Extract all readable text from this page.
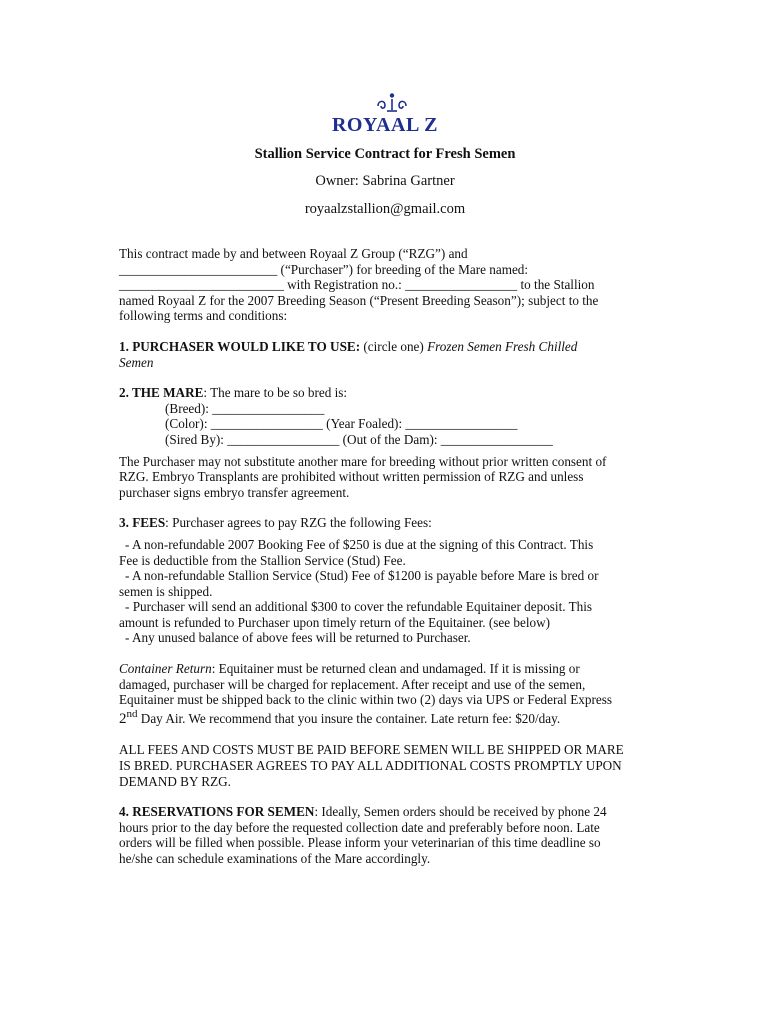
ROYAAL Z
Stallion Service Contract for Fresh Semen
Owner: Sabrina Gartner
royaalzstallion@gmail.com

This contract made by and between Royaal Z Group (“RZG”) and

________________________ (“Purchaser”) for breeding of the Mare named:

_________________________ with Registration no.: _________________ to the Stallion

named Royaal Z for the 2007 Breeding Season (“Present Breeding Season”); subject to the

following terms and conditions:

1. PURCHASER WOULD LIKE TO USE: (circle one) Frozen Semen Fresh Chilled

Semen

2. THE MARE: The mare to be so bred is:

(Breed): _________________

(Color): _________________ (Year Foaled): _________________

(Sired By): _________________ (Out of the Dam): _________________

The Purchaser may not substitute another mare for breeding without prior written consent of

RZG. Embryo Transplants are prohibited without written permission of RZG and unless

purchaser signs embryo transfer agreement.

3. FEES: Purchaser agrees to pay RZG the following Fees:

- A non-refundable 2007 Booking Fee of $250 is due at the signing of this Contract. This

Fee is deductible from the Stallion Service (Stud) Fee.

- A non-refundable Stallion Service (Stud) Fee of $1200 is payable before Mare is bred or

semen is shipped.

- Purchaser will send an additional $300 to cover the refundable Equitainer deposit. This

amount is refunded to Purchaser upon timely return of the Equitainer. (see below)

- Any unused balance of above fees will be returned to Purchaser.

Container Return: Equitainer must be returned clean and undamaged. If it is missing or

damaged, purchaser will be charged for replacement. After receipt and use of the semen,

Equitainer must be shipped back to the clinic within two (2) days via UPS or Federal Express

2nd Day Air. We recommend that you insure the container. Late return fee: $20/day.

ALL FEES AND COSTS MUST BE PAID BEFORE SEMEN WILL BE SHIPPED OR MARE

IS BRED. PURCHASER AGREES TO PAY ALL ADDITIONAL COSTS PROMPTLY UPON

DEMAND BY RZG.

4. RESERVATIONS FOR SEMEN: Ideally, Semen orders should be received by phone 24

hours prior to the day before the requested collection date and preferably before noon. Late

orders will be filled when possible. Please inform your veterinarian of this time deadline so

he/she can schedule examinations of the Mare accordingly.
